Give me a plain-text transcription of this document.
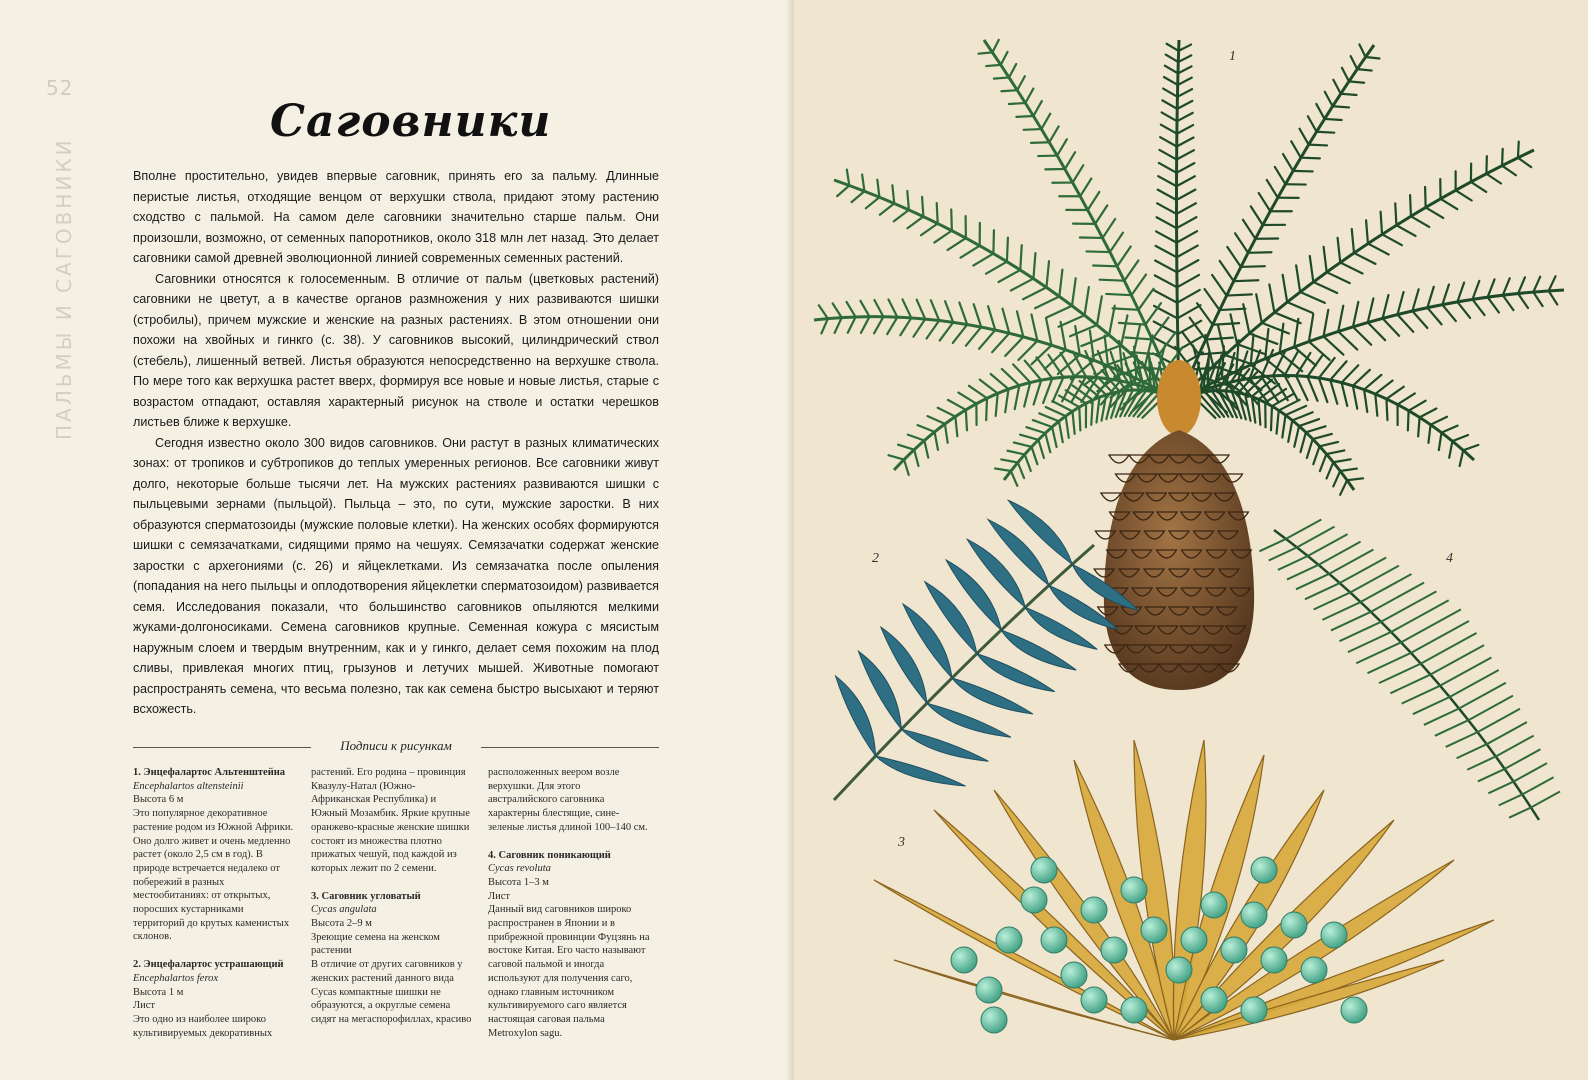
52
ПАЛЬМЫ И САГОВНИКИ
Саговники

Вполне простительно, увидев впервые саговник, принять его за пальму. Длинные перистые листья, отходящие венцом от верхушки ствола, придают этому растению сходство с пальмой. На самом деле саговники значительно старше пальм. Они произошли, возможно, от семенных папоротников, около 318 млн лет назад. Это делает саговники самой древней эволюционной линией современных семенных растений.

Саговники относятся к голосеменным. В отличие от пальм (цветковых растений) саговники не цветут, а в качестве органов размножения у них развиваются шишки (стробилы), причем мужские и женские на разных растениях. В этом отношении они похожи на хвойных и гинкго (с. 38). У саговников высокий, цилиндрический ствол (стебель), лишенный ветвей. Листья образуются непосредственно на верхушке ствола. По мере того как верхушка растет вверх, формируя все новые и новые листья, старые с возрастом отпадают, оставляя характерный рисунок на стволе и остатки черешков листьев ближе к верхушке.

Сегодня известно около 300 видов саговников. Они растут в разных климатических зонах: от тропиков и субтропиков до теплых умеренных регионов. Все саговники живут долго, некоторые больше тысячи лет. На мужских растениях развиваются шишки с пыльцевыми зернами (пыльцой). Пыльца – это, по сути, мужские заростки. В них образуются сперматозоиды (мужские половые клетки). На женских особях формируются шишки с семязачатками, сидящими прямо на чешуях. Семязачатки содержат женские заростки с архегониями (с. 26) и яйцеклетками. Из семязачатка после опыления (попадания на него пыльцы и оплодотворения яйцеклетки сперматозоидом) развивается семя. Исследования показали, что большинство саговников опыляются мелкими жуками-долгоносиками. Семена саговников крупные. Семенная кожура с мясистым наружным слоем и твердым внутренним, как и у гинкго, делает семя похожим на плод сливы, привлекая многих птиц, грызунов и летучих мышей. Животные помогают распространять семена, что весьма полезно, так как семена быстро высыхают и теряют всхожесть.

Подписи к рисункам
1. Энцефалартос Альтенштейна
Encephalartos altensteinii
Высота 6 м
Это популярное декоративное растение родом из Южной Африки. Оно долго живет и очень медленно растет (около 2,5 см в год). В природе встречается недалеко от побережий в разных местообитаниях: от открытых, поросших кустарниками территорий до крутых каменистых склонов.
2. Энцефалартос устрашающий
Encephalartos ferox
Высота 1 м
Лист
Это одно из наиболее широко культивируемых декоративных
растений. Его родина – провинция Квазулу-Натал (Южно-Африканская Республика) и Южный Мозамбик. Яркие крупные оранжево-красные женские шишки состоят из множества плотно прижатых чешуй, под каждой из которых лежит по 2 семени.
3. Саговник угловатый
Cycas angulata
Высота 2–9 м
Зреющие семена на женском растении
В отличие от других саговников у женских растений данного вида Cycas компактные шишки не образуются, а округлые семена сидят на мегаспорофиллах, красиво
расположенных веером возле верхушки. Для этого австралийского саговника характерны блестящие, сине-зеленые листья длиной 100–140 см.
4. Саговник поникающий
Cycas revoluta
Высота 1–3 м
Лист
Данный вид саговников широко распространен в Японии и в прибрежной провинции Фуцзянь на востоке Китая. Его часто называют саговой пальмой и иногда используют для получения саго, однако главным источником культивируемого саго является настоящая саговая пальма Metroxylon sagu.
1
2
3
4
